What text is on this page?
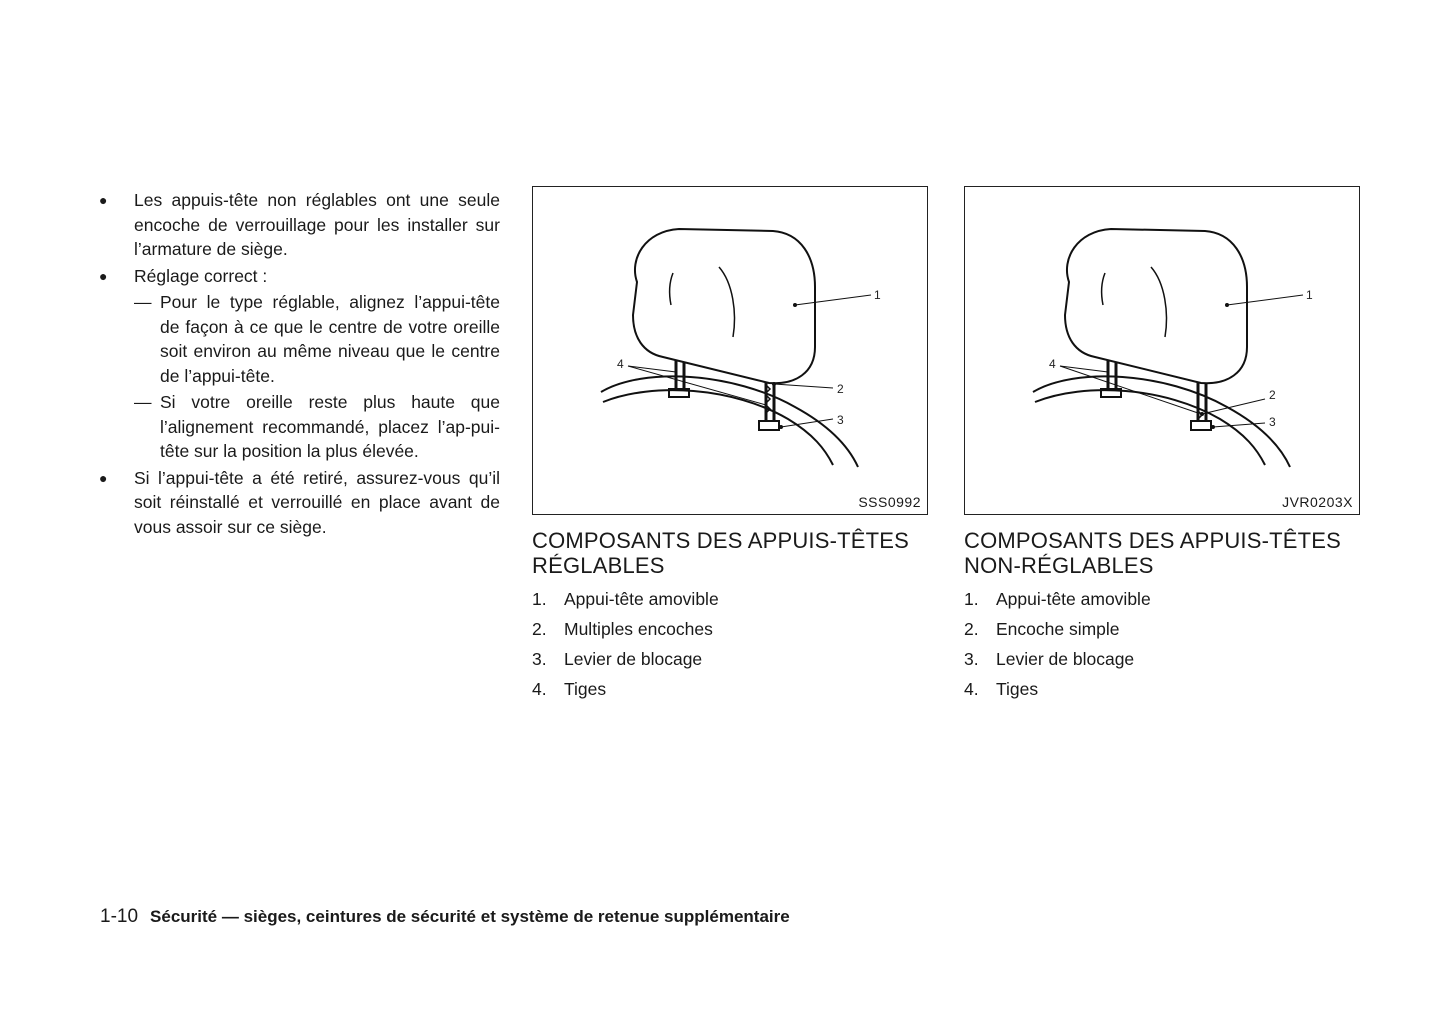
● Les appuis-tête non réglables ont une seule encoche de verrouillage pour les installer sur l’armature de siège.

● Réglage correct :

— Pour le type réglable, alignez l’appui-tête de façon à ce que le centre de votre oreille soit environ au même niveau que le centre de l’appui-tête.

— Si votre oreille reste plus haute que l’alignement recommandé, placez l’ap-pui-tête sur la position la plus élevée.

● Si l’appui-tête a été retiré, assurez-vous qu’il soit réinstallé et verrouillé en place avant de vous assoir sur ce siège.

1
2
3
4
SSS0992
1
2
3
4
JVR0203X
COMPOSANTS DES APPUIS-TÊTES RÉGLABLES
1. Appui-tête amovible
2. Multiples encoches
3. Levier de blocage
4. Tiges
COMPOSANTS DES APPUIS-TÊTES NON-RÉGLABLES
1. Appui-tête amovible
2. Encoche simple
3. Levier de blocage
4. Tiges
1-10 Sécurité — sièges, ceintures de sécurité et système de retenue supplémentaire
